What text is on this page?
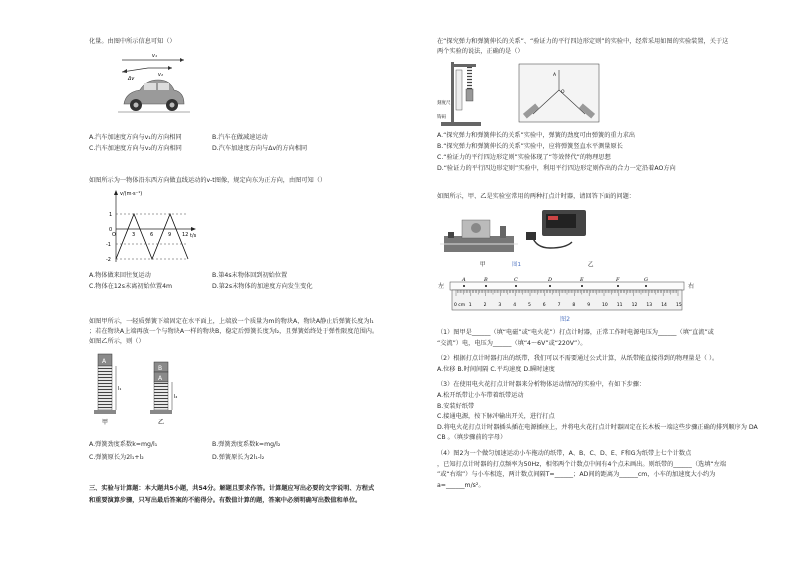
化量。由图中所示信息可知（）
v₁
Δv
v₂
A.汽车加速度方向与v₁的方向相同	B.汽车在做减速运动
C.汽车加速度方向与v₂的方向相同	D.汽车加速度方向与Δv的方向相同
如图所示为一物体沿东西方向做直线运动的v-t图像，规定向东为正方向，由图可知（）
v/(m·s⁻¹)
t/s
1
0
-1
-2
O	3	6	9 12
A.物体做来回往复运动	B.第4s末物体回到初始位置
C.物体在12s末离初始位置4m	D.第2s末物体的加速度方向发生变化
如图甲所示，一轻质弹簧下端固定在水平面上，上端放一个质量为m的物块A，物块A静止后弹簧长度为l₁
；若在物块A上端再放一个与物块A一样的物块B，稳定后弹簧长度为l₂，且弹簧始终处于弹性限度范围内。
如图乙所示，则（）
A
l₁
甲
B
A
l₂
乙
A.弹簧劲度系数k=mg/l₁	B.弹簧劲度系数k=mg/l₂
C.弹簧原长为2l₁+l₂	D.弹簧原长为2l₁-l₂
三、实验与计算题：本大题共5小题，共54分。解题且要求作答。计算题应写出必要的文字说明、方程式
和重要演算步骤，只写出最后答案的不能得分。有数值计算的题，答案中必须明确写出数值和单位。
在“探究弹力和弹簧伸长的关系”、“验证力的平行四边形定则”的实验中，经常采用如图的实验装置，关于这
两个实验的说法，正确的是（）
刻度尺
钩码
A
O
A.“探究弹力和弹簧伸长的关系”实验中，弹簧的劲度可由弹簧的重力求出
B.“探究弹力和弹簧伸长的关系”实验中，应将弹簧竖直水平测量原长
C.“验证力的平行四边形定则”实验体现了“等效替代”的物理思想
D.“验证力的平行四边形定则”实验中，利用平行四边形定则作出的合力一定沿着AO方向
如图所示，甲、乙是实验室常用的两种打点计时器，请回答下面的问题：
甲	图1	乙
左	右
A	B	C	D	E	F	G
0 cm 1	2	3	4	5	6	7	8	9	10 11 12 13 14 15
图2
（1）图甲是______（填“电磁”或“电火花”）打点计时器，正常工作时电源电压为______（填“直流”或
“交流”）电，电压为______（填“4～6V”或“220V”）。
（2）根据打点计时器打出的纸带，我们可以不需要通过公式计算，从纸带能直接得到的物理量是（ ）。
A.位移 B.时间间隔 C.平均速度 D.瞬时速度
（3）在使用电火花打点计时器来分析物体运动情况的实验中，有如下步骤：
A.松开纸带让小车带着纸带运动
B.安装好纸带
C.接通电源，按下脉冲输出开关，进行打点
D.将电火花打点计时器插头插在电源插座上，并将电火花打点计时器固定在长木板一端这些步骤正确的排列顺序为 DA
CB 。（填步骤前的字母）
（4）图2为一个做匀加速运动小车拖动的纸带，A、B、C、D、E、F和G为纸带上七个计数点
，已知打点计时器的打点频率为50Hz，相邻两个计数点中间有4个点未画出。则纸带的______（选填“左端
”或“右端”）与小车相连，两计数点间隔T=______；AD间的距离为______cm，小车的加速度大小约为
a=______m/s²。
